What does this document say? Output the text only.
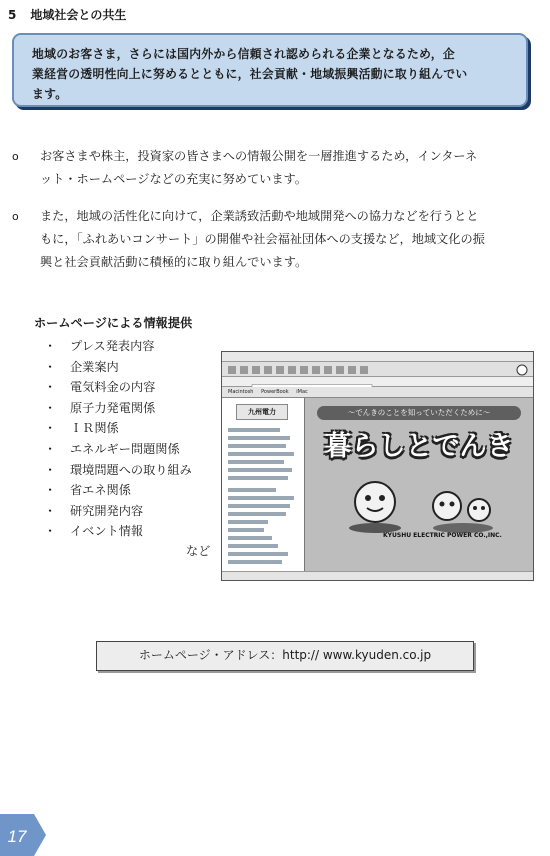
5 地域社会との共生
地域のお客さま，さらには国内外から信頼され認められる企業となるため，企
業経営の透明性向上に努めるとともに，社会貢献・地域振興活動に取り組んでい
ます。
o お客さまや株主，投資家の皆さまへの情報公開を一層推進するため，インターネ
ット・ホームページなどの充実に努めています。
o また，地域の活性化に向けて，企業誘致活動や地域開発への協力などを行うとと
もに，「ふれあいコンサート」の開催や社会福祉団体への支援など，地域文化の振
興と社会貢献活動に積極的に取り組んでいます。
ホームページによる情報提供
・ プレス発表内容
・ 企業案内
・ 電気料金の内容
・ 原子力発電関係
・ ＩＲ関係
・ エネルギー問題関係
・ 環境問題への取り組み
・ 省エネ関係
・ 研究開発内容
・ イベント情報
など
Macintosh PowerBook iMac
九州電力	〜でんきのことを知っていただくために〜
暮らしとでんき
KYUSHU ELECTRIC POWER CO.,INC.
ホームページ・アドレス：http:// www.kyuden.co.jp
17
